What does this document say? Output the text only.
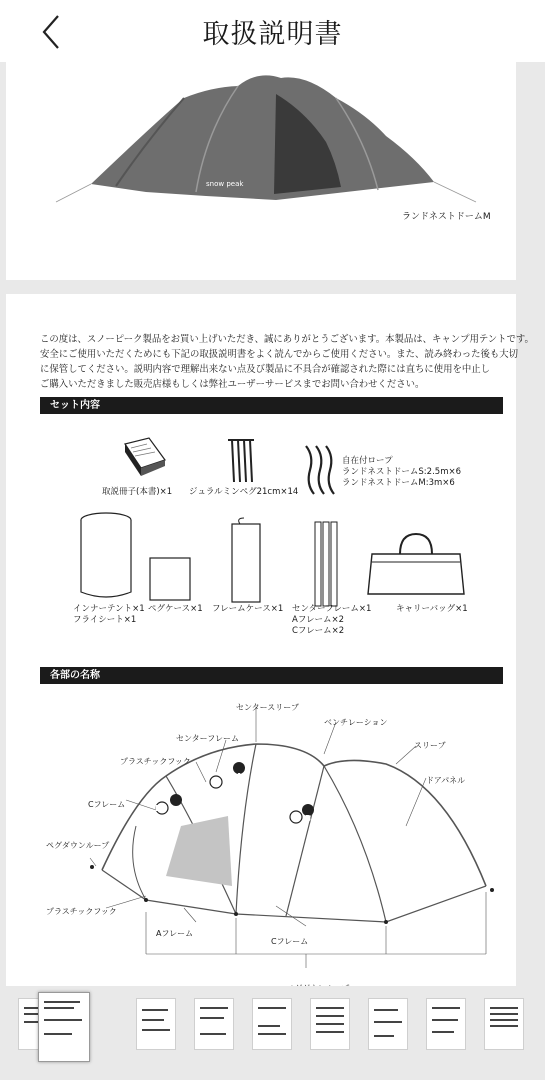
取扱説明書
snow peak
ランドネストドームM
この度は、スノーピーク製品をお買い上げいただき、誠にありがとうございます。本製品は、キャンプ用テントです。
安全にご使用いただくためにも下記の取扱説明書をよく読んでからご使用ください。また、読み終わった後も大切
に保管してください。説明内容で理解出来ない点及び製品に不具合が確認された際には直ちに使用を中止し
ご購入いただきました販売店様もしくは弊社ユーザーサービスまでお問い合わせください。
セット内容
取説冊子(本書)×1 ジュラルミンペグ21cm×14
自在付ロープ
ランドネストドームS:2.5m×6
ランドネストドームM:3m×6
インナーテント×1
フライシート×1
ペグケース×1 フレームケース×1 センターフレーム×1
Aフレーム×2
Cフレーム×2
キャリーバッグ×1
各部の名称
B
A
B
センタースリーブ
ベンチレーション
センターフレーム
スリーブ
プラスチックフック
ドアパネル
Cフレーム
ペグダウンループ
プラスチックフック
Aフレーム
Cフレーム
